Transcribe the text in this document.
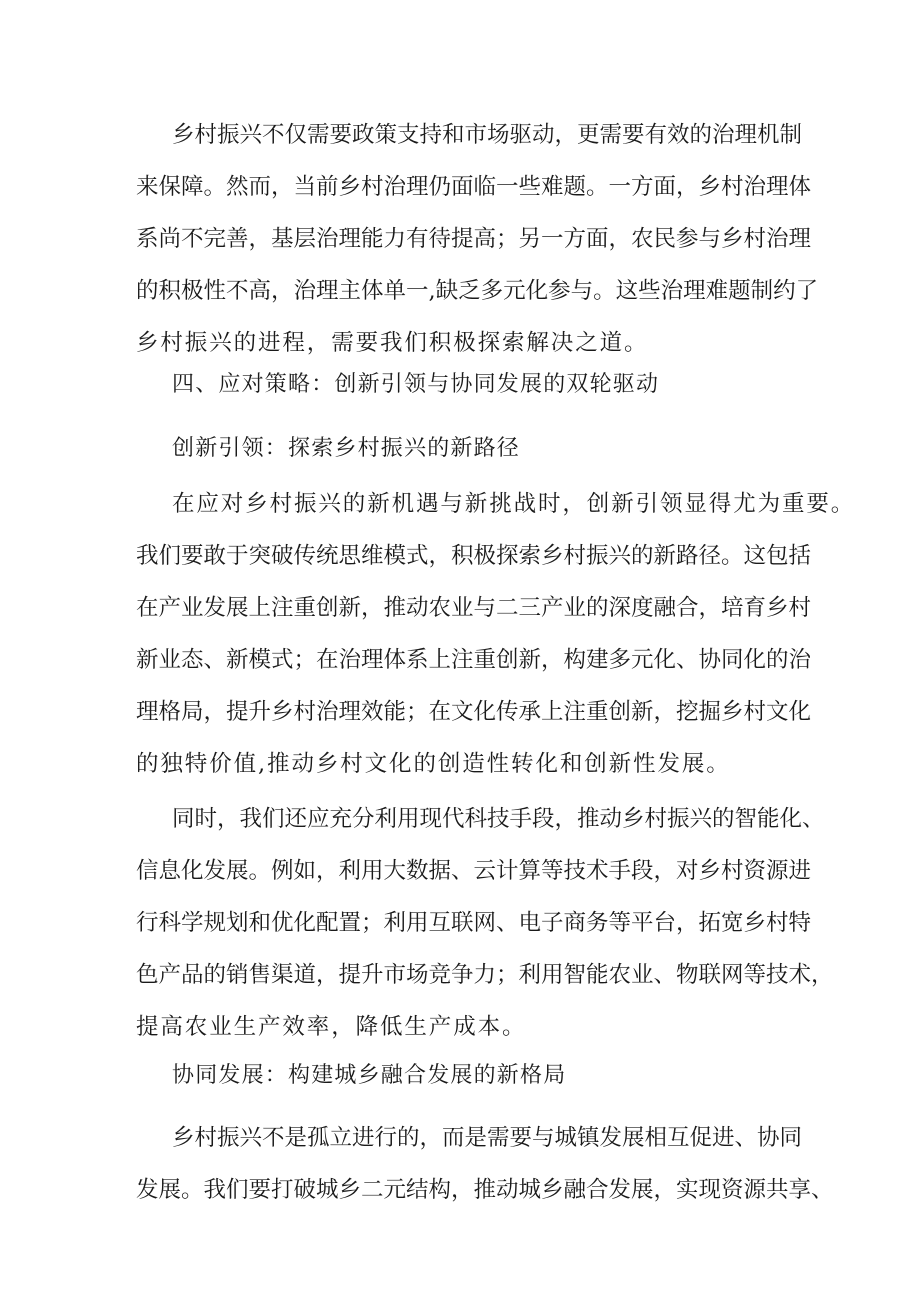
乡村振兴不仅需要政策支持和市场驱动，更需要有效的治理机制
来保障。然而，当前乡村治理仍面临一些难题。一方面，乡村治理体
系尚不完善，基层治理能力有待提高；另一方面，农民参与乡村治理
的积极性不高，治理主体单一,缺乏多元化参与。这些治理难题制约了
乡村振兴的进程，需要我们积极探索解决之道。
四、应对策略：创新引领与协同发展的双轮驱动
创新引领：探索乡村振兴的新路径
在应对乡村振兴的新机遇与新挑战时，创新引领显得尤为重要。
我们要敢于突破传统思维模式，积极探索乡村振兴的新路径。这包括
在产业发展上注重创新，推动农业与二三产业的深度融合，培育乡村
新业态、新模式；在治理体系上注重创新，构建多元化、协同化的治
理格局，提升乡村治理效能；在文化传承上注重创新，挖掘乡村文化
的独特价值,推动乡村文化的创造性转化和创新性发展。
同时，我们还应充分利用现代科技手段，推动乡村振兴的智能化、
信息化发展。例如，利用大数据、云计算等技术手段，对乡村资源进
行科学规划和优化配置；利用互联网、电子商务等平台，拓宽乡村特
色产品的销售渠道，提升市场竞争力；利用智能农业、物联网等技术，
提高农业生产效率，降低生产成本。
协同发展：构建城乡融合发展的新格局
乡村振兴不是孤立进行的，而是需要与城镇发展相互促进、协同
发展。我们要打破城乡二元结构，推动城乡融合发展，实现资源共享、
